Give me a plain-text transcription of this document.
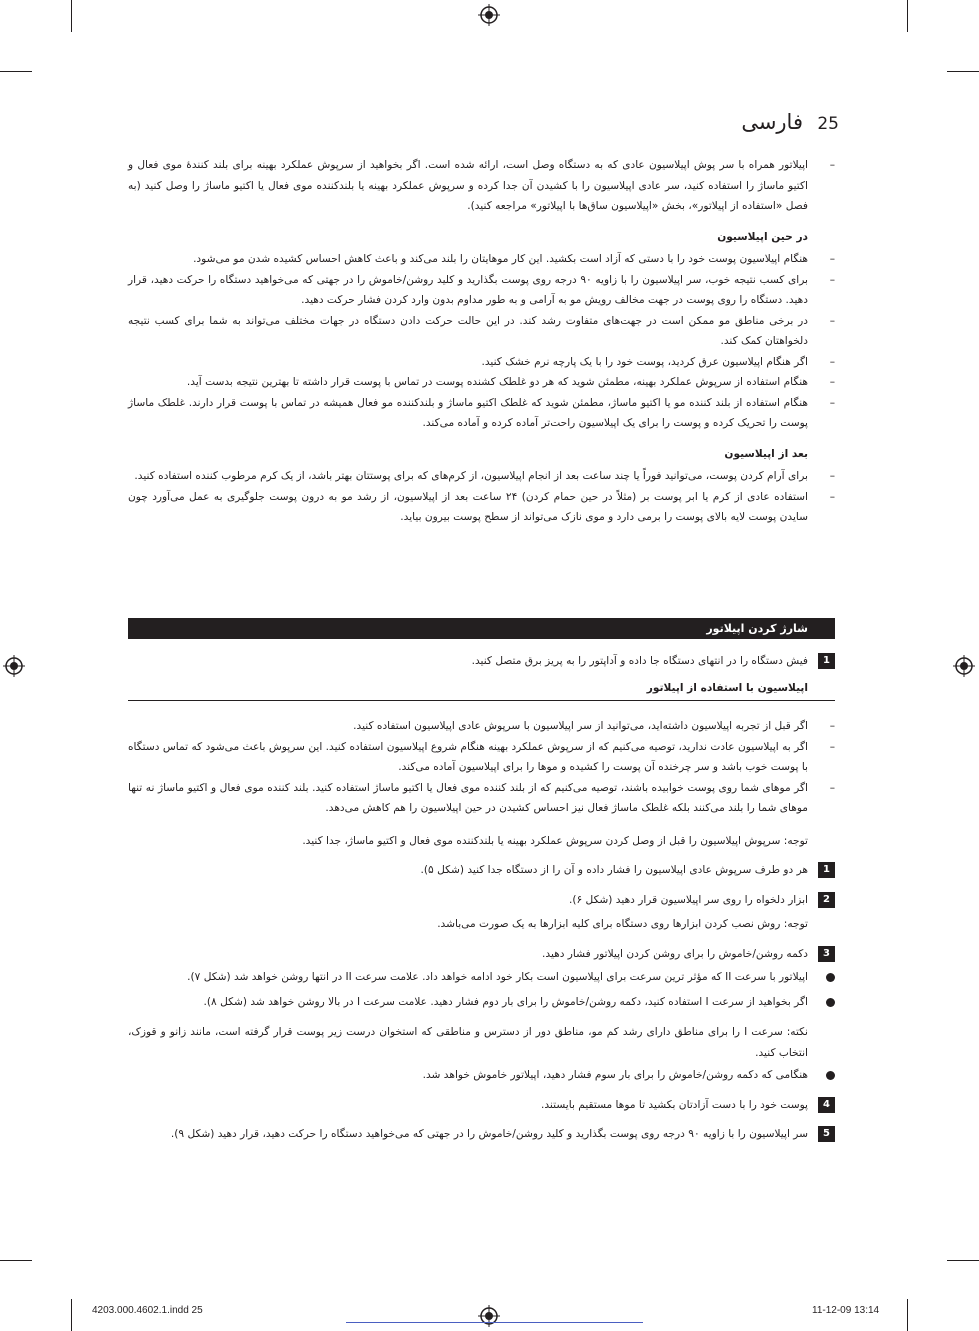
فارسی 25
–
اپیلاتور همراه با سر پوش اپیلاسیون عادی که به دستگاه وصل است، ارائه شده است. اگر بخواهید از سرپوش عملکرد بهینه برای بلند کنندهٔ موی فعال و اکتیو ماساژ را استفاده کنید، سر عادی اپیلاسیون را با کشیدن آن جدا کرده و سرپوش عملکرد بهینه یا بلندکننده موی فعال یا اکتیو ماساژ را وصل کنید (به فصل «استفاده از اپیلاتور»، بخش «اپیلاسیون ساق‌ها با اپیلاتور» مراجعه کنید).
در حین اپیلاسیون
–
هنگام اپیلاسیون پوست خود را با دستی که آزاد است بکشید. این کار موهایتان را بلند می‌کند و باعث کاهش احساس کشیده شدن مو می‌شود.
–
برای کسب نتیجه خوب، سر اپیلاسیون را با زاویه ۹۰ درجه روی پوست بگذارید و کلید روشن/خاموش را در جهتی که می‌خواهید دستگاه را حرکت دهید، قرار دهید. دستگاه را روی پوست در جهت مخالف رویش مو به آرامی و به طور مداوم بدون وارد کردن فشار حرکت دهید.
–
در برخی مناطق مو ممکن است در جهت‌های متفاوت رشد کند. در این حالت حرکت دادن دستگاه در جهات مختلف می‌تواند به شما برای کسب نتیجه دلخواهتان کمک کند.
–
اگر هنگام اپیلاسیون عرق کردید، پوست خود را با یک پارچه نرم خشک کنید.
–
هنگام استفاده از سرپوش عملکرد بهینه، مطمئن شوید که هر دو غلطک کشنده پوست در تماس با پوست قرار داشته تا بهترین نتیجه بدست آید.
–
هنگام استفاده از بلند کننده مو یا اکتیو ماساژ، مطمئن شوید که غلطک اکتیو ماساژ و بلندکننده مو فعال همیشه در تماس با پوست قرار دارند. غلطک ماساژ پوست را تحریک کرده و پوست را برای یک اپیلاسیون راحت‌تر آماده کرده و آماده می‌کند.
بعد از اپیلاسیون
–
برای آرام کردن پوست، می‌توانید فوراً یا چند ساعت بعد از انجام اپیلاسیون، از کرم‌های که برای پوستتان بهتر باشد، از یک کرم مرطوب کننده استفاده کنید.
–
استفاده عادی از کرم یا ابر پوست بر (مثلاً در حین حمام کردن) ۲۴ ساعت بعد از اپیلاسیون، از رشد مو به درون پوست جلوگیری به عمل می‌آورد چون سایدن پوست لایه بالای پوست را برمی دارد و موی نازک می‌تواند از سطح پوست بیرون بیاید.
شارژ کردن اپیلاتور
1
فیش دستگاه را در انتهای دستگاه جا داده و آداپتور را به پریز برق متصل کنید.
اپیلاسیون با استفاده از اپیلاتور
–
اگر قبل از تجربه اپیلاسیون داشته‌اید، می‌توانید از سر اپیلاسیون با سرپوش عادی اپیلاسیون استفاده کنید.
–
اگر به اپیلاسیون عادت ندارید، توصیه می‌کنیم که از سرپوش عملکرد بهینه هنگام شروع اپیلاسیون استفاده کنید. این سرپوش باعث می‌شود که تماس دستگاه با پوست خوب باشد و سر چرخنده آن پوست را کشیده و موها را برای اپیلاسیون آماده می‌کند.
–
اگر موهای شما روی پوست خوابیده باشند، توصیه می‌کنیم که از بلند کننده موی فعال یا اکتیو ماساژ استفاده کنید. بلند کننده موی فعال و اکتیو ماساژ نه تنها موهای شما را بلند می‌کنند بلکه غلطک ماساژ فعال نیز احساس کشیدن در حین اپیلاسیون را هم کاهش می‌دهد.
توجه: سرپوش اپیلاسیون را قبل از وصل کردن سرپوش عملکرد بهینه یا بلندکننده موی فعال و اکتیو ماساژ، جدا کنید.
1
هر دو طرف سرپوش عادی اپیلاسیون را فشار داده و آن را از دستگاه جدا کنید (شکل ۵).
2
ابزار دلخواه را روی سر اپیلاسیون قرار دهید (شکل ۶).
توجه: روش نصب کردن ابزارها روی دستگاه برای کلیه ابزارها به یک صورت می‌باشد.
3
دکمه روشن/خاموش را برای روشن کردن اپیلاتور فشار دهید.
اپیلاتور با سرعت II که مؤثر ترین سرعت برای اپیلاسیون است بکار خود ادامه خواهد داد. علامت سرعت II در انتها روشن خواهد شد (شکل ۷).
اگر بخواهید از سرعت I استفاده کنید، دکمه روشن/خاموش را برای بار دوم فشار دهید. علامت سرعت I در بالا روشن خواهد شد (شکل ۸).
نکته: سرعت I را برای مناطق دارای رشد کم مو، مناطق دور از دسترس و مناطقی که استخوان درست زیر پوست قرار گرفته است، مانند زانو و قوزک، انتخاب کنید.
هنگامی که دکمه روشن/خاموش را برای بار سوم فشار دهید، اپیلاتور خاموش خواهد شد.
4
پوست خود را با دست آزادتان بکشید تا موها مستقیم بایستند.
5
سر اپیلاسیون را با زاویه ۹۰ درجه روی پوست بگذارید و کلید روشن/خاموش را در جهتی که می‌خواهید دستگاه را حرکت دهید، قرار دهید (شکل ۹).
4203.000.4602.1.indd 25	11-12-09 13:14
